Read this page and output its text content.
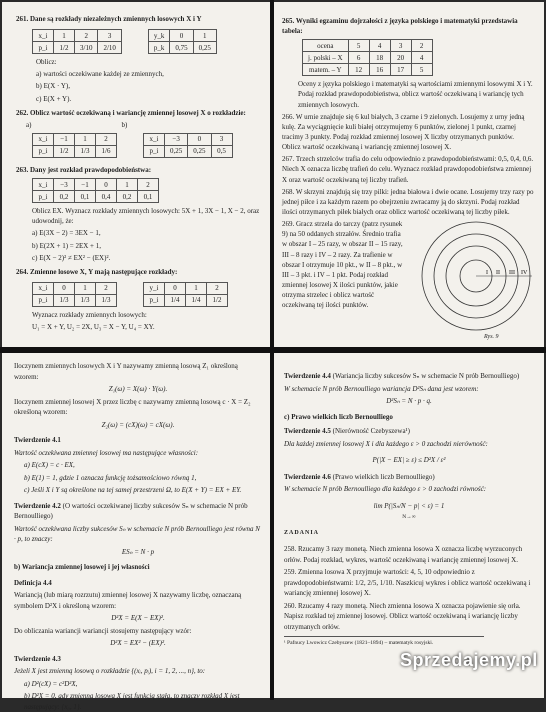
261. Dane są rozkłady niezależnych zmiennych losowych X i Y

x_i	1	2	3
p_i	1/2	3/10	2/10
y_k	0	1
p_k	0,75	0,25

Oblicz:

a) wartości oczekiwane każdej ze zmiennych,

b) E(X · Y),

c) E(X + Y).

262. Oblicz wartość oczekiwaną i wariancję zmiennej losowej X o rozkładzie:

a)	b)
x_i	−1	1	2
p_i	1/2	1/3	1/6
x_i	−3	0	3
p_i	0,25	0,25	0,5

263. Dany jest rozkład prawdopodobieństwa:

x_i	−3	−1	0	1	2
p_i	0,2	0,1	0,4	0,2	0,1

Oblicz EX. Wyznacz rozkłady zmiennych losowych: 5X + 1, 3X − 1, X − 2, oraz udowodnij, że:

a) E(3X − 2) = 3EX − 1,

b) E(2X + 1) = 2EX + 1,

c) E(X − 2)² ≠ EX² − (EX)².

264. Zmienne losowe X, Y mają następujące rozkłady:

x_i	0	1	2
p_i	1/3	1/3	1/3
y_i	0	1	2
p_i	1/4	1/4	1/2

Wyznacz rozkłady zmiennych losowych:

U₁ = X + Y, U₂ = 2X, U₃ = X − Y, U₄ = XY.

265. Wyniki egzaminu dojrzałości z języka polskiego i matematyki przedstawia tabela:

ocena	5	4	3	2
j. polski – X	6	18	20	4
matem. – Y	12	16	17	5

Oceny z języka polskiego i matematyki są wartościami zmiennymi losowymi X i Y. Podaj rozkład prawdopodobieństwa, oblicz wartość oczekiwaną i wariancję tych zmiennych losowych.

266. W urnie znajduje się 6 kul białych, 3 czarne i 9 zielonych. Losujemy z urny jedną kulę. Za wyciągnięcie kuli białej otrzymujemy 6 punktów, zielonej 1 punkt, czarnej tracimy 3 punkty. Podaj rozkład zmiennej losowej X liczby otrzymanych punktów. Oblicz wartość oczekiwaną i wariancję zmiennej losowej X.

267. Trzech strzelców trafia do celu odpowiednio z prawdopodobieństwami: 0,5, 0,4, 0,6. Niech X oznacza liczbę trafień do celu. Wyznacz rozkład prawdopodobieństwa zmiennej X oraz wartość oczekiwaną tej liczby trafień.

268. W skrzyni znajdują się trzy pilki: jedna białowa i dwie ocane. Losujemy trzy razy po jednej piłce i za każdym razem po obejrzeniu zwracamy ją do skrzyni. Podaj rozkład ilości otrzymanych piłek białych oraz oblicz wartość oczekiwaną tej liczby piłek.

269. Gracz strzela do tarczy (patrz rysunek 9) na 50 oddanych strzałów. Średnio trafia w obszar I – 25 razy, w obszar II – 15 razy, III – 8 razy i IV – 2 razy. Za trafienie w obszar I otrzymuje 10 pkt., w II – 8 pkt., w III – 3 pkt. i IV – 1 pkt. Podaj rozkład zmiennej losowej X ilości punktów, jakie otrzyma strzelec i oblicz wartość oczekiwaną tej ilości punktów.

I II III IV
Rys. 9

Iloczynem zmiennych losowych X i Y nazywamy zmienną losową Z₁ określoną wzorem:

Z₁(ω) = X(ω) · Y(ω).

Iloczynem zmiennej losowej X przez liczbę c nazywamy zmienną losową c · X = Z₂ określoną wzorem:

Z₂(ω) = (cX)(ω) = cX(ω).

Twierdzenie 4.1

Wartość oczekiwana zmiennej losowej ma następujące własności:

a) E(cX) = c · EX,

b) E(1) = 1, gdzie 1 oznacza funkcję tożsamościowo równą 1,

c) Jeśli X i Y są określone na tej samej przestrzeni Ω, to E(X + Y) = EX + EY.

Twierdzenie 4.2 (O wartości oczekiwanej liczby sukcesów Sₙ w schemacie N prób Bernoulliego)

Wartość oczekiwana liczby sukcesów Sₙ w schemacie N prób Bernoulliego jest równa N · p, to znaczy:

ESₙ = N · p

b) Wariancja zmiennej losowej i jej własności

Definicja 4.4

Wariancją (lub miarą rozrzutu) zmiennej losowej X nazywamy liczbę, oznaczaną symbolem D²X i określoną wzorem:

D²X = E(X − EX)².

Do obliczania wariancji wariancji stosujemy następujący wzór:

D²X = EX² − (EX)².

Twierdzenie 4.3

Jeżeli X jest zmienną losową o rozkładzie {(xᵢ, pᵢ), i = 1, 2, ..., n}, to:

a) D²(cX) = c²D²X,

b) D²X = 0, gdy zmienna losowa X jest funkcją stałą, to znaczy rozkład X jest następujący: {x₀, 1}.

Twierdzenie 4.4 (Wariancja liczby sukcesów Sₙ w schemacie N prób Bernoulliego)

W schemacie N prób Bernoulliego wariancja D²Sₙ dana jest wzorem:

D²Sₙ = N · p · q.

c) Prawo wielkich liczb Bernoulliego

Twierdzenie 4.5 (Nierówność Czebyszewa¹)

Dla każdej zmiennej losowej X i dla każdego ε > 0 zachodzi nierówność:

P(|X − EX| ≥ ε) ≤ D²X / ε²

Twierdzenie 4.6 (Prawo wielkich liczb Bernoulliego)

W schemacie N prób Bernoulliego dla każdego ε > 0 zachodzi równość:

lim P(|Sₙ/N − p| < ε) = 1

N→∞

ZADANIA

258. Rzucamy 3 razy monetą. Niech zmienna losowa X oznacza liczbę wyrzuconych orłów. Podaj rozkład, wykres, wartość oczekiwaną i wariancję zmiennej losowej X.

259. Zmienna losowa X przyjmuje wartości: 4, 5, 10 odpowiednio z prawdopodobieństwami: 1/2, 2/5, 1/10. Naszkicuj wykres i oblicz wartość oczekiwaną i wariancję zmiennej losowej X.

260. Rzucamy 4 razy monetą. Niech zmienna losowa X oznacza pojawienie się orła. Napisz rozkład tej zmiennej losowej. Oblicz wartość oczekiwaną i wariancję liczby otrzymanych orłów.

¹ Pafnucy Lwowicz Czebyszew (1821–1894) – matematyk rosyjski.
Sprzedajemy.pl
